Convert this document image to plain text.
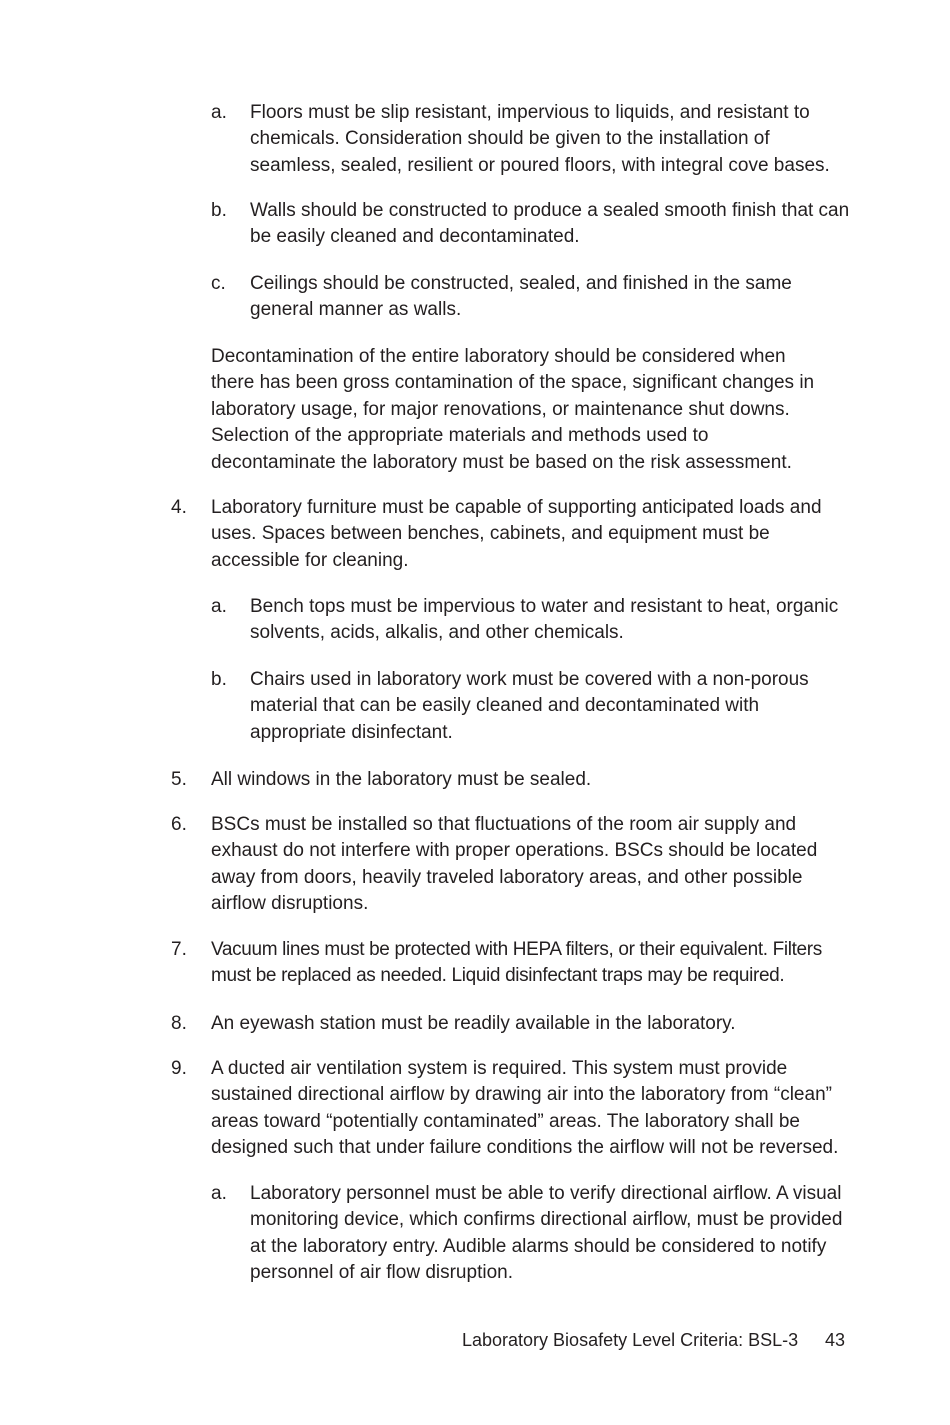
a. Floors must be slip resistant, impervious to liquids, and resistant to chemicals. Consideration should be given to the installation of seamless, sealed, resilient or poured floors, with integral cove bases.
b. Walls should be constructed to produce a sealed smooth finish that can be easily cleaned and decontaminated.
c. Ceilings should be constructed, sealed, and finished in the same general manner as walls.
Decontamination of the entire laboratory should be considered when there has been gross contamination of the space, significant changes in laboratory usage, for major renovations, or maintenance shut downs. Selection of the appropriate materials and methods used to decontaminate the laboratory must be based on the risk assessment.
4. Laboratory furniture must be capable of supporting anticipated loads and uses. Spaces between benches, cabinets, and equipment must be accessible for cleaning.
a. Bench tops must be impervious to water and resistant to heat, organic solvents, acids, alkalis, and other chemicals.
b. Chairs used in laboratory work must be covered with a non-porous material that can be easily cleaned and decontaminated with appropriate disinfectant.
5. All windows in the laboratory must be sealed.
6. BSCs must be installed so that fluctuations of the room air supply and exhaust do not interfere with proper operations. BSCs should be located away from doors, heavily traveled laboratory areas, and other possible airflow disruptions.
7. Vacuum lines must be protected with HEPA filters, or their equivalent. Filters must be replaced as needed. Liquid disinfectant traps may be required.
8. An eyewash station must be readily available in the laboratory.
9. A ducted air ventilation system is required. This system must provide sustained directional airflow by drawing air into the laboratory from “clean” areas toward “potentially contaminated” areas. The laboratory shall be designed such that under failure conditions the airflow will not be reversed.
a. Laboratory personnel must be able to verify directional airflow. A visual monitoring device, which confirms directional airflow, must be provided at the laboratory entry. Audible alarms should be considered to notify personnel of air flow disruption.
Laboratory Biosafety Level Criteria: BSL-3 43
